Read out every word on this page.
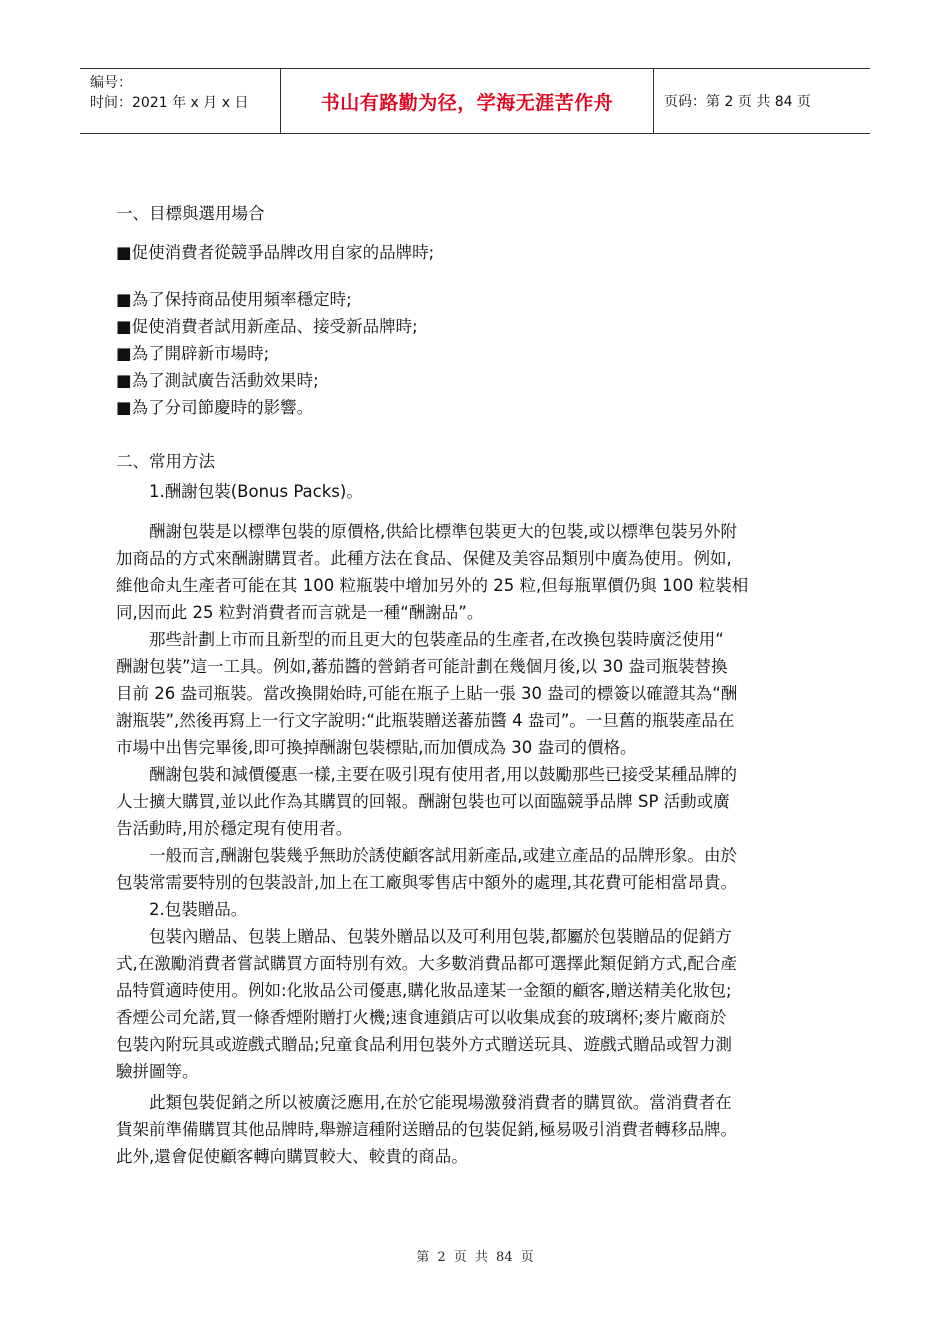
编号：
时间：2021 年 x 月 x 日	书山有路勤为径，学海无涯苦作舟	页码：第 2 页 共 84 页
一、目標與選用場合
■促使消費者從競爭品牌改用自家的品牌時;
■為了保持商品使用頻率穩定時;
■促使消費者試用新產品、接受新品牌時;
■為了開辟新市場時;
■為了測試廣告活動效果時;
■為了分司節慶時的影響。
二、常用方法
1.酬謝包裝(Bonus Packs)。
酬謝包裝是以標準包裝的原價格,供給比標準包裝更大的包裝,或以標準包裝另外附
加商品的方式來酬謝購買者。此種方法在食品、保健及美容品類別中廣為使用。例如,
維他命丸生產者可能在其 100 粒瓶裝中增加另外的 25 粒,但每瓶單價仍與 100 粒裝相
同,因而此 25 粒對消費者而言就是一種“酬謝品”。
那些計劃上市而且新型的而且更大的包裝產品的生產者,在改換包裝時廣泛使用“
酬謝包裝”這一工具。例如,蕃茄醬的營銷者可能計劃在幾個月後,以 30 盎司瓶裝替換
目前 26 盎司瓶裝。當改換開始時,可能在瓶子上貼一張 30 盎司的標簽以確證其為“酬
謝瓶裝”,然後再寫上一行文字說明:“此瓶裝贈送蕃茄醬 4 盎司”。一旦舊的瓶裝產品在
市場中出售完畢後,即可換掉酬謝包裝標貼,而加價成為 30 盎司的價格。
酬謝包裝和減價優惠一樣,主要在吸引現有使用者,用以鼓勵那些已接受某種品牌的
人士擴大購買,並以此作為其購買的回報。酬謝包裝也可以面臨競爭品牌 SP 活動或廣
告活動時,用於穩定現有使用者。
一般而言,酬謝包裝幾乎無助於誘使顧客試用新產品,或建立產品的品牌形象。由於
包裝常需要特別的包裝設計,加上在工廠與零售店中額外的處理,其花費可能相當昂貴。
2.包裝贈品。
包裝內贈品、包裝上贈品、包裝外贈品以及可利用包裝,都屬於包裝贈品的促銷方
式,在激勵消費者嘗試購買方面特別有效。大多數消費品都可選擇此類促銷方式,配合產
品特質適時使用。例如:化妝品公司優惠,購化妝品達某一金額的顧客,贈送精美化妝包;
香煙公司允諾,買一條香煙附贈打火機;速食連鎖店可以收集成套的玻璃杯;麥片廠商於
包裝內附玩具或遊戲式贈品;兒童食品利用包裝外方式贈送玩具、遊戲式贈品或智力測
驗拼圖等。
此類包裝促銷之所以被廣泛應用,在於它能現場激發消費者的購買欲。當消費者在
貨架前準備購買其他品牌時,舉辦這種附送贈品的包裝促銷,極易吸引消費者轉移品牌。
此外,還會促使顧客轉向購買較大、較貴的商品。
第 2 页 共 84 页
